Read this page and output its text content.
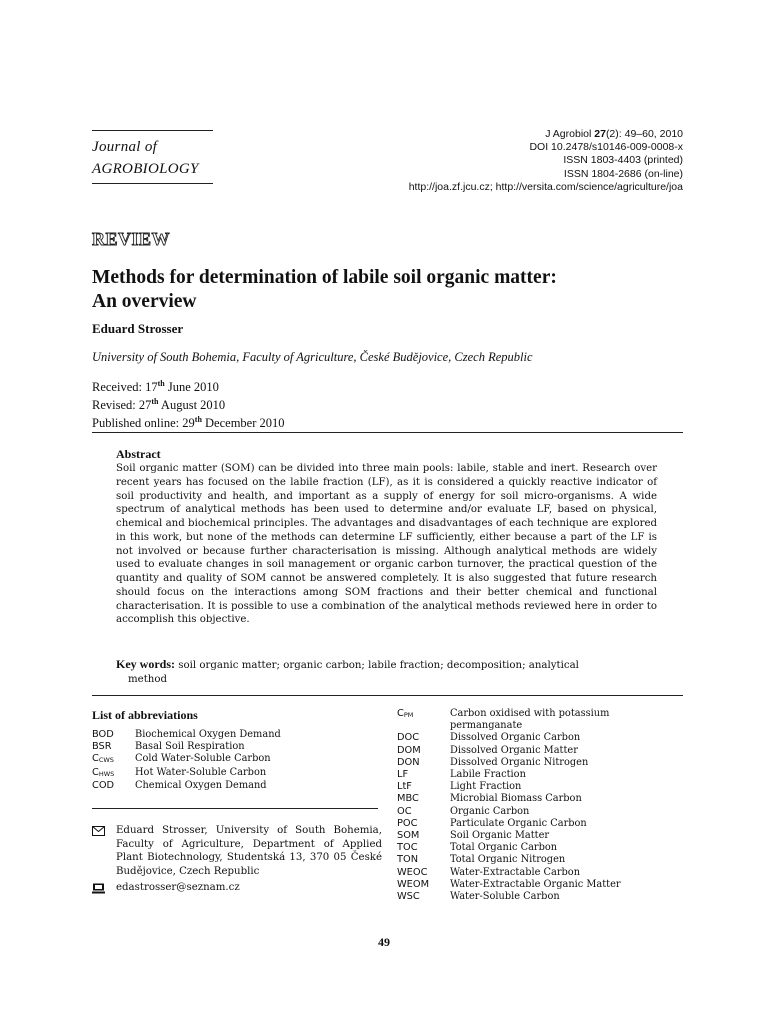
Journal of
AGROBIOLOGY
J Agrobiol 27(2): 49–60, 2010
DOI 10.2478/s10146-009-0008-x
ISSN 1803-4403 (printed)
ISSN 1804-2686 (on-line)
http://joa.zf.jcu.cz; http://versita.com/science/agriculture/joa
REVIEW
Methods for determination of labile soil organic matter:
An overview
Eduard Strosser
University of South Bohemia, Faculty of Agriculture, České Budějovice, Czech Republic
Received: 17th June 2010
Revised: 27th August 2010
Published online: 29th December 2010
Abstract
Soil organic matter (SOM) can be divided into three main pools: labile, stable and inert. Research over recent years has focused on the labile fraction (LF), as it is considered a quickly reactive indicator of soil productivity and health, and important as a supply of energy for soil micro-organisms. A wide spectrum of analytical methods has been used to determine and/or evaluate LF, based on physical, chemical and biochemical principles. The advantages and disadvantages of each technique are explored in this work, but none of the methods can determine LF sufficiently, either because a part of the LF is not involved or because further characterisation is missing. Although analytical methods are widely used to evaluate changes in soil management or organic carbon turnover, the practical question of the quantity and quality of SOM cannot be answered completely. It is also suggested that future research should focus on the interactions among SOM fractions and their better chemical and functional characterisation. It is possible to use a combination of the analytical methods reviewed here in order to accomplish this objective.
Key words: soil organic matter; organic carbon; labile fraction; decomposition; analytical
method
List of abbreviations
BOD	Biochemical Oxygen Demand
BSR	Basal Soil Respiration
CCWS	Cold Water-Soluble Carbon
CHWS	Hot Water-Soluble Carbon
COD	Chemical Oxygen Demand
CPM	Carbon oxidised with potassium permanganate
DOC	Dissolved Organic Carbon
DOM	Dissolved Organic Matter
DON	Dissolved Organic Nitrogen
LF	Labile Fraction
LtF	Light Fraction
MBC	Microbial Biomass Carbon
OC	Organic Carbon
POC	Particulate Organic Carbon
SOM	Soil Organic Matter
TOC	Total Organic Carbon
TON	Total Organic Nitrogen
WEOC	Water-Extractable Carbon
WEOM	Water-Extractable Organic Matter
WSC	Water-Soluble Carbon
Eduard Strosser, University of South Bohemia, Faculty of Agriculture, Department of Applied Plant Biotechnology, Studentská 13, 370 05 České Budějovice, Czech Republic
edastrosser@seznam.cz
49
